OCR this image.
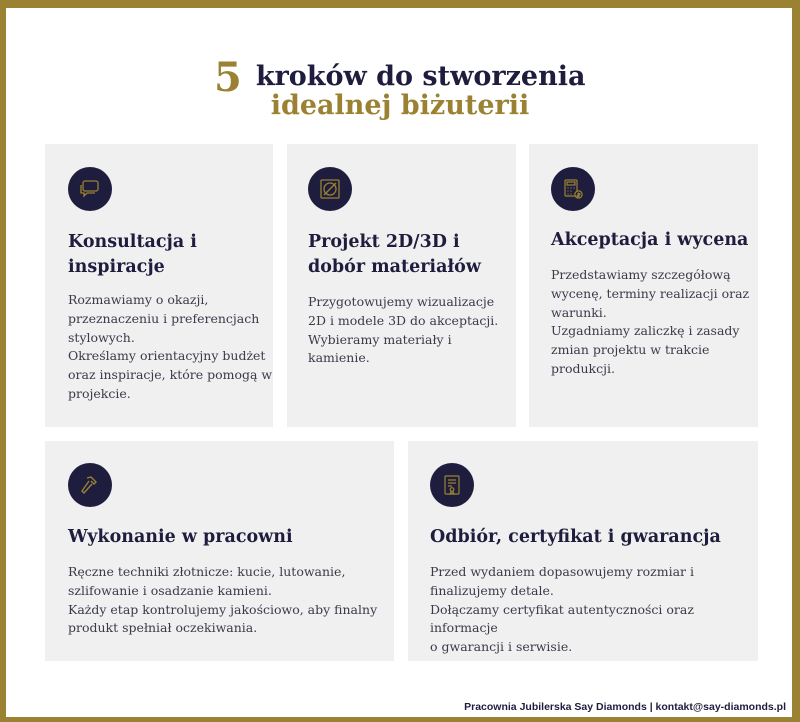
5 kroków do stworzenia
idealnej biżuterii
Konsultacja i
inspiracje

Rozmawiamy o okazji,

przeznaczeniu i preferencjach

stylowych.

Określamy orientacyjny budżet

oraz inspiracje, które pomogą w

projekcie.

Projekt 2D/3D i
dobór materiałów

Przygotowujemy wizualizacje

2D i modele 3D do akceptacji.

Wybieramy materiały i

kamienie.

Akceptacja i wycena

Przedstawiamy szczegółową

wycenę, terminy realizacji oraz

warunki.

Uzgadniamy zaliczkę i zasady

zmian projektu w trakcie

produkcji.

Wykonanie w pracowni

Ręczne techniki złotnicze: kucie, lutowanie,

szlifowanie i osadzanie kamieni.

Każdy etap kontrolujemy jakościowo, aby finalny

produkt spełniał oczekiwania.

Odbiór, certyfikat i gwarancja

Przed wydaniem dopasowujemy rozmiar i

finalizujemy detale.

Dołączamy certyfikat autentyczności oraz informacje

o gwarancji i serwisie.

Pracownia Jubilerska Say Diamonds | kontakt@say-diamonds.pl
